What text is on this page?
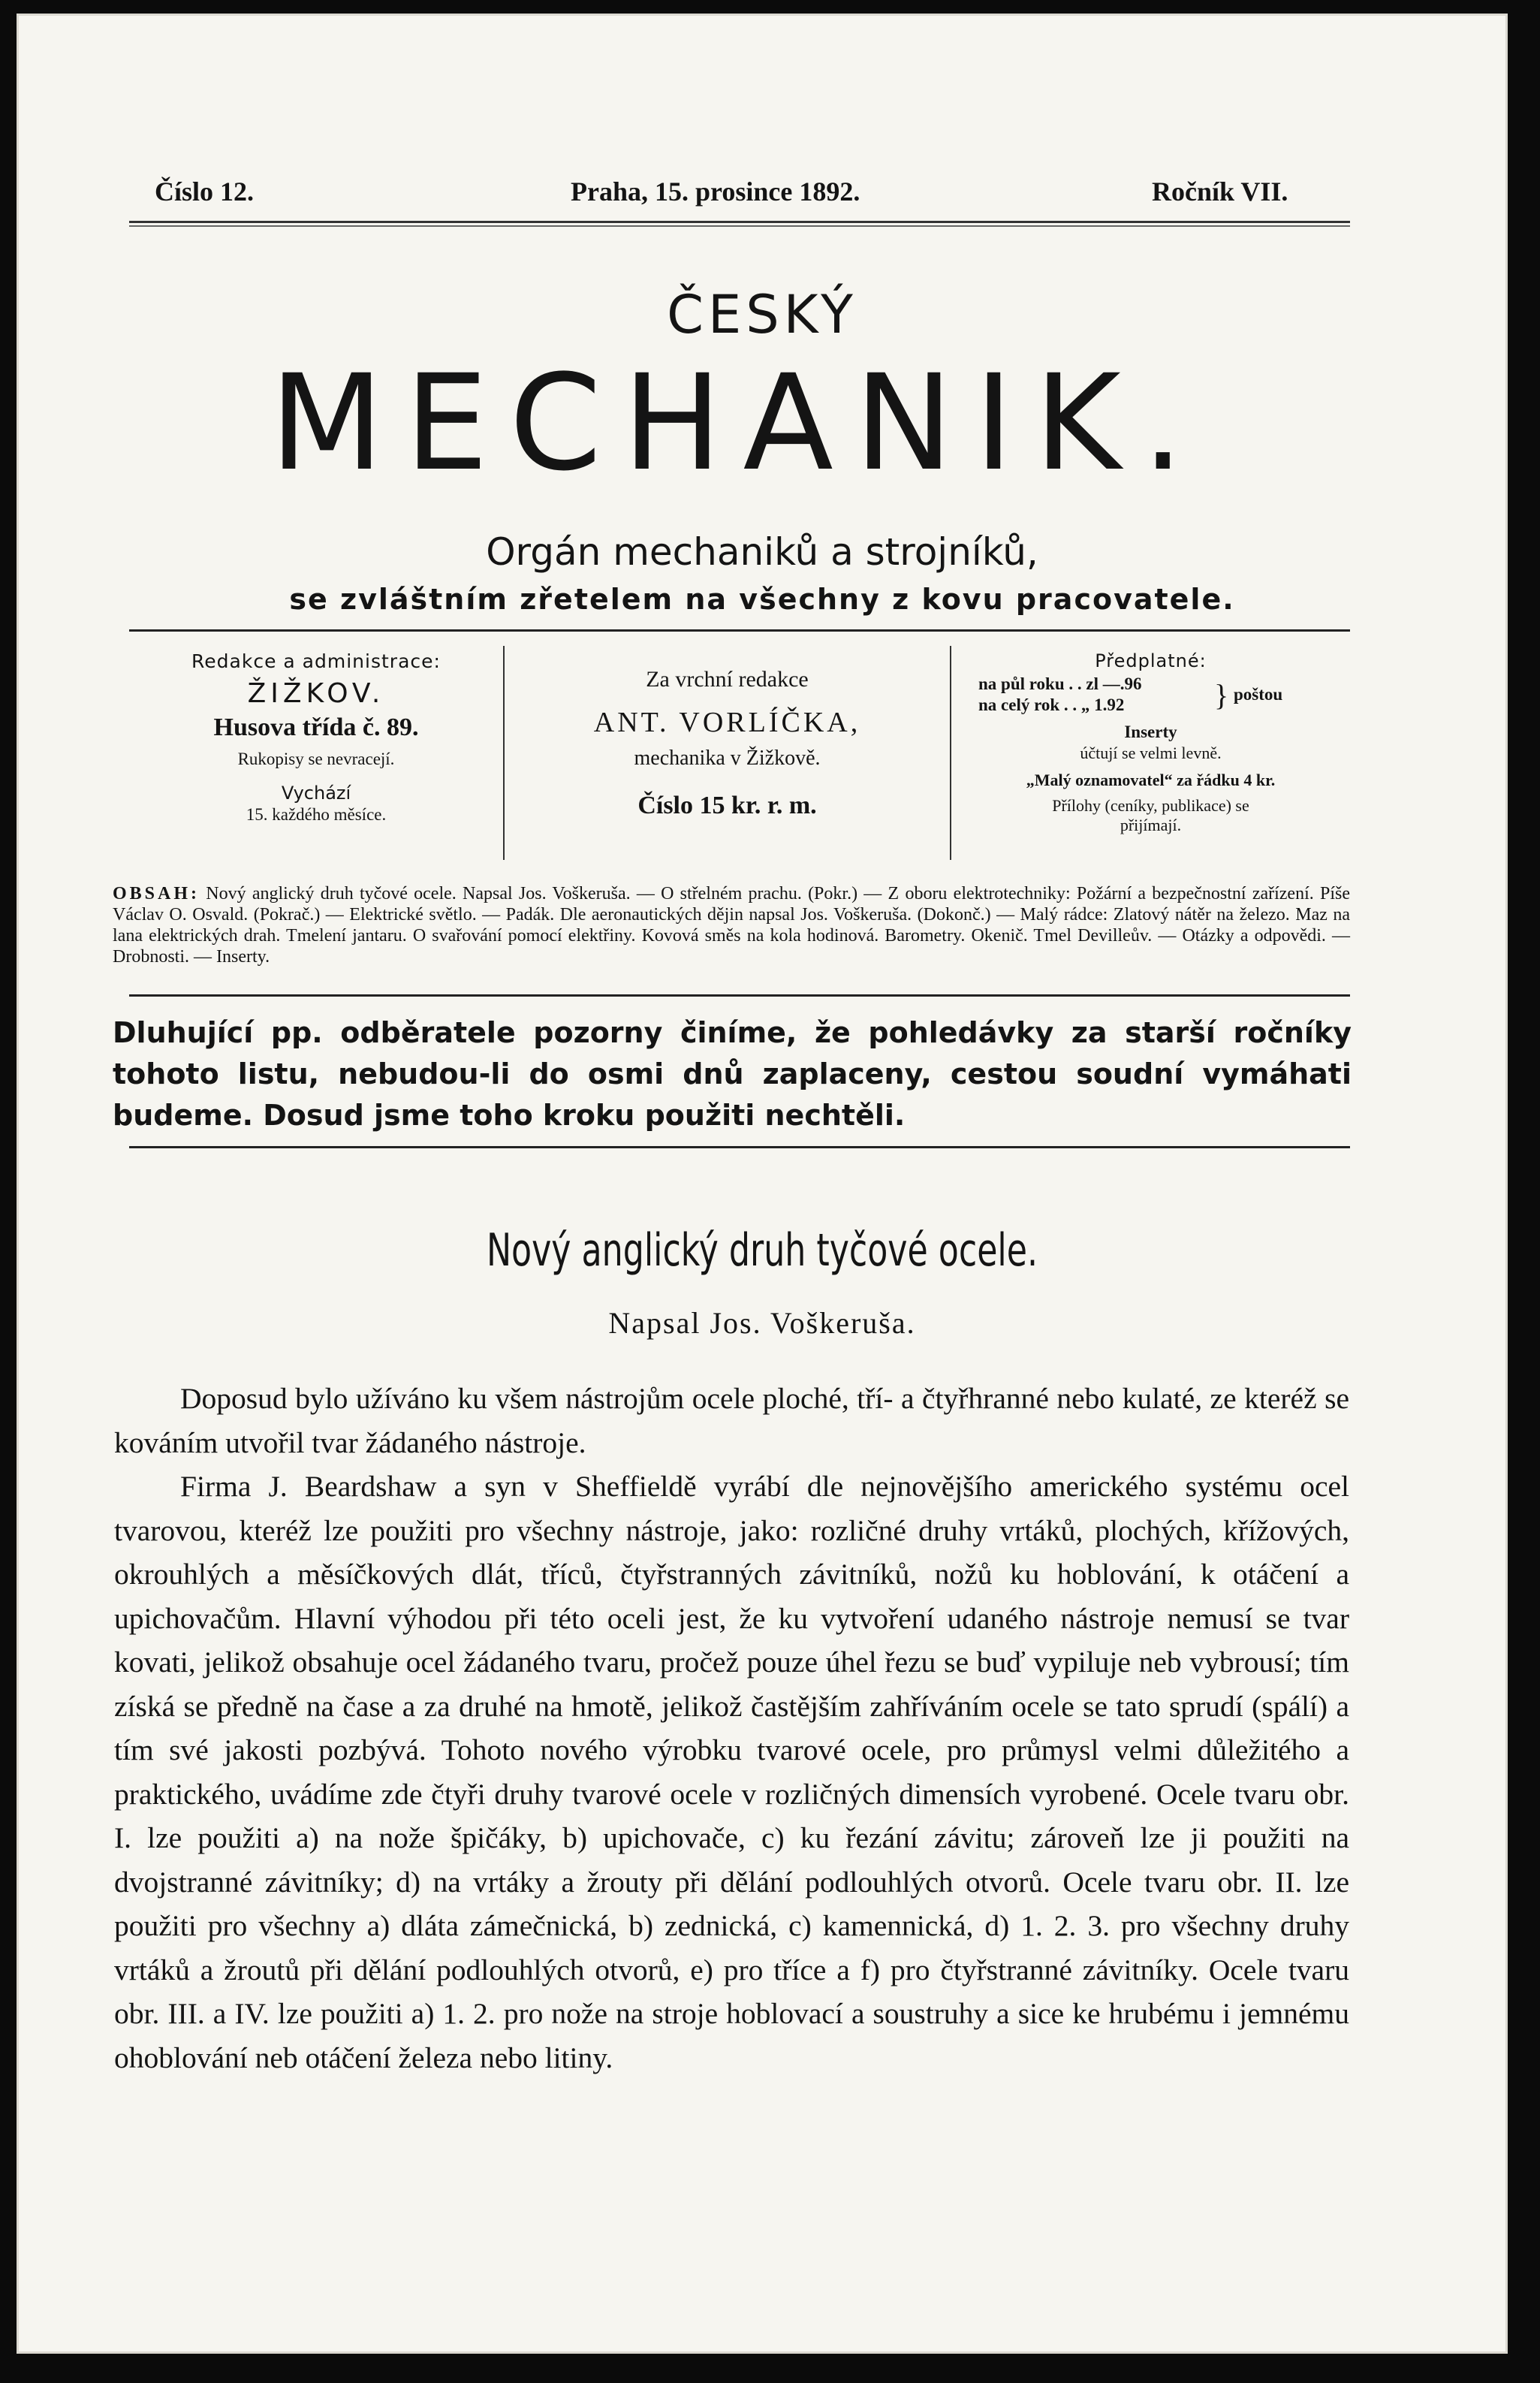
Číslo 12.	Praha, 15. prosince 1892.	Ročník VII.
ČESKÝ
MECHANIK.
Orgán mechaniků a strojníků,
se zvláštním zřetelem na všechny z kovu pracovatele.
Redakce a administrace:
ŽIŽKOV.
Husova třída č. 89.
Rukopisy se nevracejí.
Vychází
15. každého měsíce.
Za vrchní redakce
ANT. VORLÍČKA,
mechanika v Žižkově.
Číslo 15 kr. r. m.
Předplatné:
na půl roku . . zl —.96
na celý rok . . „ 1.92	} poštou
Inserty
účtují se velmi levně.
„Malý oznamovatel“ za řádku 4 kr.
Přílohy (ceníky, publikace) se
přijímají.
OBSAH: Nový anglický druh tyčové ocele. Napsal Jos. Voškeruša. — O střelném prachu. (Pokr.) — Z oboru elektrotechniky: Požární a bezpečnostní zařízení. Píše Václav O. Osvald. (Pokrač.) — Elektrické světlo. — Padák. Dle aeronautických dějin napsal Jos. Voškeruša. (Dokonč.) — Malý rádce: Zlatový nátěr na železo. Maz na lana elektrických drah. Tmelení jantaru. O svařování pomocí elektřiny. Kovová směs na kola hodinová. Barometry. Okenič. Tmel Devilleův. — Otázky a odpovědi. — Drobnosti. — Inserty.
Dluhující pp. odběratele pozorny činíme, že pohledávky za starší ročníky tohoto listu, nebudou-li do osmi dnů zaplaceny, cestou soudní vymáhati budeme. Dosud jsme toho kroku použiti nechtěli.
Nový anglický druh tyčové ocele.
Napsal Jos. Voškeruša.

Doposud bylo užíváno ku všem nástrojům ocele ploché, tří- a čtyřhranné nebo kulaté, ze kteréž se kováním utvořil tvar žádaného nástroje.

Firma J. Beardshaw a syn v Sheffieldě vyrábí dle nejnovějšího amerického systému ocel tvarovou, kteréž lze použiti pro všechny nástroje, jako: rozličné druhy vrtáků, plochých, křížových, okrouhlých a měsíčkových dlát, tříců, čtyřstranných závitníků, nožů ku hoblování, k otáčení a upichovačům. Hlavní výhodou při této oceli jest, že ku vytvoření udaného nástroje nemusí se tvar kovati, jelikož obsahuje ocel žádaného tvaru, pročež pouze úhel řezu se buď vypiluje neb vybrousí; tím získá se předně na čase a za druhé na hmotě, jelikož častějším zahříváním ocele se tato sprudí (spálí) a tím své jakosti pozbývá. Tohoto nového výrobku tvarové ocele, pro průmysl velmi důležitého a praktického, uvádíme zde čtyři druhy tvarové ocele v rozličných dimensích vyrobené. Ocele tvaru obr. I. lze použiti a) na nože špičáky, b) upichovače, c) ku řezání závitu; zároveň lze ji použiti na dvojstranné závitníky; d) na vrtáky a žrouty při dělání podlouhlých otvorů. Ocele tvaru obr. II. lze použiti pro všechny a) dláta zámečnická, b) zednická, c) kamennická, d) 1. 2. 3. pro všechny druhy vrtáků a žroutů při dělání podlouhlých otvorů, e) pro tříce a f) pro čtyřstranné závitníky. Ocele tvaru obr. III. a IV. lze použiti a) 1. 2. pro nože na stroje hoblovací a soustruhy a sice ke hrubému i jemnému ohoblování neb otáčení železa nebo litiny.
